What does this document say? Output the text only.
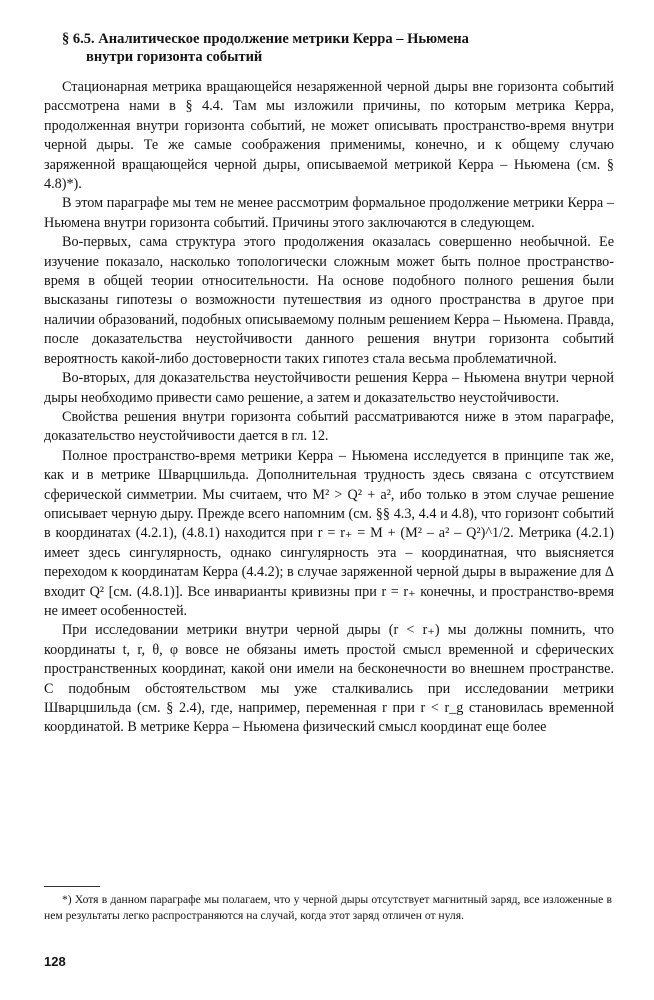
§ 6.5. Аналитическое продолжение метрики Керра – Ньюмена
внутри горизонта событий

Стационарная метрика вращающейся незаряженной черной дыры вне горизонта событий рассмотрена нами в § 4.4. Там мы изложили причины, по которым метрика Керра, продолженная внутри горизонта событий, не может описывать пространство-время внутри черной дыры. Те же самые соображения применимы, конечно, и к общему случаю заряженной вращающейся черной дыры, описываемой метрикой Керра – Ньюмена (см. § 4.8)*).

В этом параграфе мы тем не менее рассмотрим формальное продолжение метрики Керра – Ньюмена внутри горизонта событий. Причины этого заключаются в следующем.

Во-первых, сама структура этого продолжения оказалась совершенно необычной. Ее изучение показало, насколько топологически сложным может быть полное пространство-время в общей теории относительности. На основе подобного полного решения были высказаны гипотезы о возможности путешествия из одного пространства в другое при наличии образований, подобных описываемому полным решением Керра – Ньюмена. Правда, после доказательства неустойчивости данного решения внутри горизонта событий вероятность какой-либо достоверности таких гипотез стала весьма проблематичной.

Во-вторых, для доказательства неустойчивости решения Керра – Ньюмена внутри черной дыры необходимо привести само решение, а затем и доказательство неустойчивости.

Свойства решения внутри горизонта событий рассматриваются ниже в этом параграфе, доказательство неустойчивости дается в гл. 12.

Полное пространство-время метрики Керра – Ньюмена исследуется в принципе так же, как и в метрике Шварцшильда. Дополнительная трудность здесь связана с отсутствием сферической симметрии. Мы считаем, что M² > Q² + a², ибо только в этом случае решение описывает черную дыру. Прежде всего напомним (см. §§ 4.3, 4.4 и 4.8), что горизонт событий в координатах (4.2.1), (4.8.1) находится при r = r₊ = M + (M² – a² – Q²)^1/2. Метрика (4.2.1) имеет здесь сингулярность, однако сингулярность эта – координатная, что выясняется переходом к координатам Керра (4.4.2); в случае заряженной черной дыры в выражение для Δ входит Q² [см. (4.8.1)]. Все инварианты кривизны при r = r₊ конечны, и пространство-время не имеет особенностей.

При исследовании метрики внутри черной дыры (r < r₊) мы должны помнить, что координаты t, r, θ, φ вовсе не обязаны иметь простой смысл временной и сферических пространственных координат, какой они имели на бесконечности во внешнем пространстве. С подобным обстоятельством мы уже сталкивались при исследовании метрики Шварцшильда (см. § 2.4), где, например, переменная r при r < r_g становилась временной координатой. В метрике Керра – Ньюмена физический смысл координат еще более

*) Хотя в данном параграфе мы полагаем, что у черной дыры отсутствует магнитный заряд, все изложенные в нем результаты легко распространяются на случай, когда этот заряд отличен от нуля.
128
